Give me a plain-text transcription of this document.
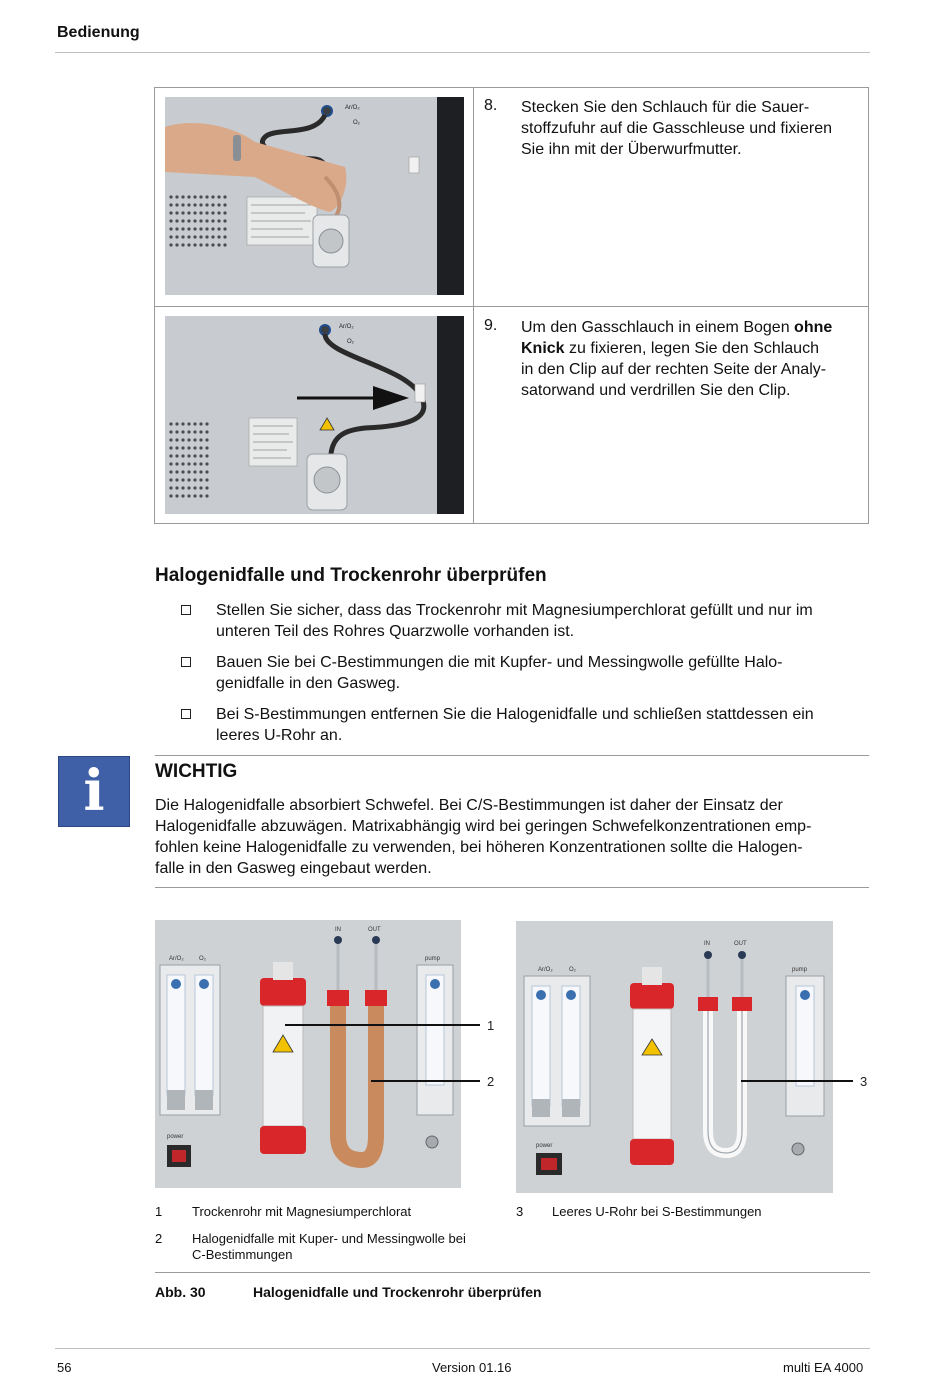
Bedienung
Ar/O₂
O₂
Ar/O₂
O₂
8. Stecken Sie den Schlauch für die Sauer-
stoffzufuhr auf die Gasschleuse und fixieren
Sie ihn mit der Überwurfmutter.
9. Um den Gasschlauch in einem Bogen ohne
Knick zu fixieren, legen Sie den Schlauch
in den Clip auf der rechten Seite der Analy-
satorwand und verdrillen Sie den Clip.
Halogenidfalle und Trockenrohr überprüfen
Stellen Sie sicher, dass das Trockenrohr mit Magnesiumperchlorat gefüllt und nur im
unteren Teil des Rohres Quarzwolle vorhanden ist.
Bauen Sie bei C-Bestimmungen die mit Kupfer- und Messingwolle gefüllte Halo-
genidfalle in den Gasweg.
Bei S-Bestimmungen entfernen Sie die Halogenidfalle und schließen stattdessen ein
leeres U-Rohr an.
i	WICHTIG
Die Halogenidfalle absorbiert Schwefel. Bei C/S-Bestimmungen ist daher der Einsatz der
Halogenidfalle abzuwägen. Matrixabhängig wird bei geringen Schwefelkonzentrationen emp-
fohlen keine Halogenidfalle zu verwenden, bei höheren Konzentrationen sollte die Halogen-
falle in den Gasweg eingebaut werden.
Ar/O₂	O₂
IN	OUT
pump
power
Ar/O₂	O₂
IN	OUT
pump
power
1
2	3
1 Trockenrohr mit Magnesiumperchlorat
2 Halogenidfalle mit Kuper- und Messingwolle bei
C-Bestimmungen
3 Leeres U-Rohr bei S-Bestimmungen
Abb. 30	Halogenidfalle und Trockenrohr überprüfen
56	Version 01.16	multi EA 4000
